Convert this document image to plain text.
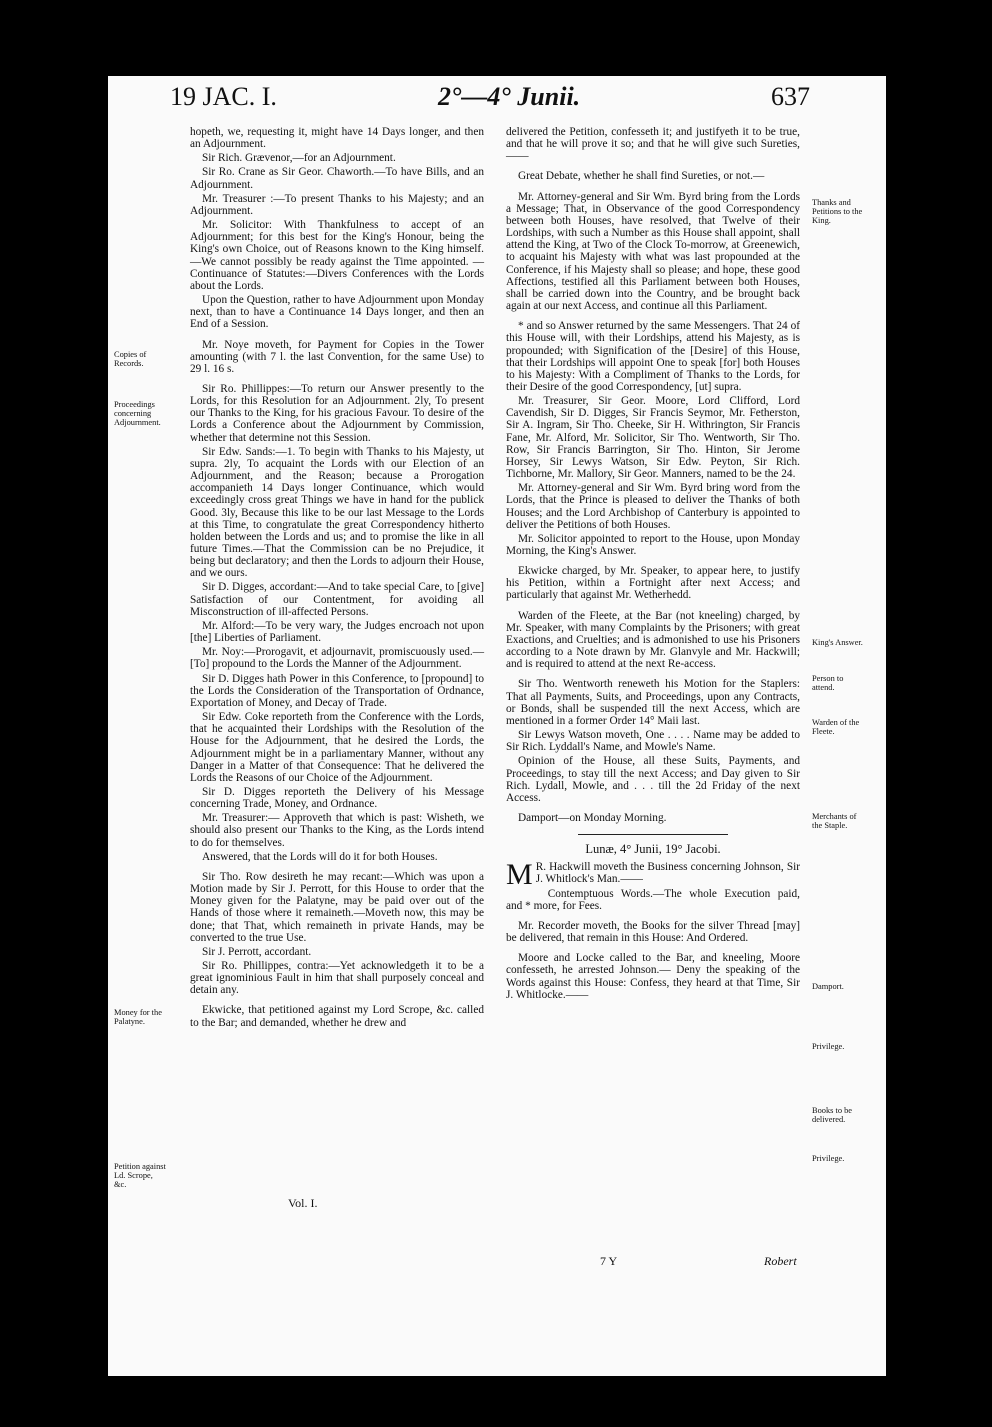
19 JAC. I.	2°—4° Junii.	637

hopeth, we, requesting it, might have 14 Days longer, and then an Adjournment.

Sir Rich. Grævenor,—for an Adjournment.

Sir Ro. Crane as Sir Geor. Chaworth.—To have Bills, and an Adjournment.

Mr. Treasurer :—To present Thanks to his Majesty; and an Adjournment.

Mr. Solicitor: With Thankfulness to accept of an Adjournment; for this best for the King's Honour, being the King's own Choice, out of Reasons known to the King himself.—We cannot possibly be ready against the Time appointed. — Continuance of Statutes:—Divers Conferences with the Lords about the Lords.

Upon the Question, rather to have Adjournment upon Monday next, than to have a Continuance 14 Days longer, and then an End of a Session.

Mr. Noye moveth, for Payment for Copies in the Tower amounting (with 7 l. the last Convention, for the same Use) to 29 l. 16 s.

Sir Ro. Phillippes:—To return our Answer presently to the Lords, for this Resolution for an Adjournment. 2ly, To present our Thanks to the King, for his gracious Favour. To desire of the Lords a Conference about the Adjournment by Commission, whether that determine not this Session.

Sir Edw. Sands:—1. To begin with Thanks to his Majesty, ut supra. 2ly, To acquaint the Lords with our Election of an Adjournment, and the Reason; because a Prorogation accompanieth 14 Days longer Continuance, which would exceedingly cross great Things we have in hand for the publick Good. 3ly, Because this like to be our last Message to the Lords at this Time, to congratulate the great Correspondency hitherto holden between the Lords and us; and to promise the like in all future Times.—That the Commission can be no Prejudice, it being but declaratory; and then the Lords to adjourn their House, and we ours.

Sir D. Digges, accordant:—And to take special Care, to [give] Satisfaction of our Contentment, for avoiding all Misconstruction of ill-affected Persons.

Mr. Alford:—To be very wary, the Judges encroach not upon [the] Liberties of Parliament.

Mr. Noy:—Prorogavit, et adjournavit, promiscuously used.—[To] propound to the Lords the Manner of the Adjournment.

Sir D. Digges hath Power in this Conference, to [propound] to the Lords the Consideration of the Transportation of Ordnance, Exportation of Money, and Decay of Trade.

Sir Edw. Coke reporteth from the Conference with the Lords, that he acquainted their Lordships with the Resolution of the House for the Adjournment, that he desired the Lords, the Adjournment might be in a parliamentary Manner, without any Danger in a Matter of that Consequence: That he delivered the Lords the Reasons of our Choice of the Adjournment.

Sir D. Digges reporteth the Delivery of his Message concerning Trade, Money, and Ordnance.

Mr. Treasurer:— Approveth that which is past: Wisheth, we should also present our Thanks to the King, as the Lords intend to do for themselves.

Answered, that the Lords will do it for both Houses.

Sir Tho. Row desireth he may recant:—Which was upon a Motion made by Sir J. Perrott, for this House to order that the Money given for the Palatyne, may be paid over out of the Hands of those where it remaineth.—Moveth now, this may be done; that That, which remaineth in private Hands, may be converted to the true Use.

Sir J. Perrott, accordant.

Sir Ro. Phillippes, contra:—Yet acknowledgeth it to be a great ignominious Fault in him that shall purposely conceal and detain any.

Ekwicke, that petitioned against my Lord Scrope, &c. called to the Bar; and demanded, whether he drew and

Copies of Records.
Proceedings concerning Adjournment.
Money for the Palatyne.
Petition against Ld. Scrope, &c.
Vol. I.

delivered the Petition, confesseth it; and justifyeth it to be true, and that he will prove it so; and that he will give such Sureties,——

Great Debate, whether he shall find Sureties, or not.—

Mr. Attorney-general and Sir Wm. Byrd bring from the Lords a Message; That, in Observance of the good Correspondency between both Houses, have resolved, that Twelve of their Lordships, with such a Number as this House shall appoint, shall attend the King, at Two of the Clock To-morrow, at Greenewich, to acquaint his Majesty with what was last propounded at the Conference, if his Majesty shall so please; and hope, these good Affections, testified all this Parliament between both Houses, shall be carried down into the Country, and be brought back again at our next Access, and continue all this Parliament.

* and so Answer returned by the same Messengers. That 24 of this House will, with their Lordships, attend his Majesty, as is propounded; with Signification of the [Desire] of this House, that their Lordships will appoint One to speak [for] both Houses to his Majesty: With a Compliment of Thanks to the Lords, for their Desire of the good Correspondency, [ut] supra.

Mr. Treasurer, Sir Geor. Moore, Lord Clifford, Lord Cavendish, Sir D. Digges, Sir Francis Seymor, Mr. Fetherston, Sir A. Ingram, Sir Tho. Cheeke, Sir H. Withrington, Sir Francis Fane, Mr. Alford, Mr. Solicitor, Sir Tho. Wentworth, Sir Tho. Row, Sir Francis Barrington, Sir Tho. Hinton, Sir Jerome Horsey, Sir Lewys Watson, Sir Edw. Peyton, Sir Rich. Tichborne, Mr. Mallory, Sir Geor. Manners, named to be the 24.

Mr. Attorney-general and Sir Wm. Byrd bring word from the Lords, that the Prince is pleased to deliver the Thanks of both Houses; and the Lord Archbishop of Canterbury is appointed to deliver the Petitions of both Houses.

Mr. Solicitor appointed to report to the House, upon Monday Morning, the King's Answer.

Ekwicke charged, by Mr. Speaker, to appear here, to justify his Petition, within a Fortnight after next Access; and particularly that against Mr. Wetherhedd.

Warden of the Fleete, at the Bar (not kneeling) charged, by Mr. Speaker, with many Complaints by the Prisoners; with great Exactions, and Cruelties; and is admonished to use his Prisoners according to a Note drawn by Mr. Glanvyle and Mr. Hackwill; and is required to attend at the next Re-access.

Sir Tho. Wentworth reneweth his Motion for the Staplers: That all Payments, Suits, and Proceedings, upon any Contracts, or Bonds, shall be suspended till the next Access, which are mentioned in a former Order 14° Maii last.

Sir Lewys Watson moveth, One . . . . Name may be added to Sir Rich. Lyddall's Name, and Mowle's Name.

Opinion of the House, all these Suits, Payments, and Proceedings, to stay till the next Access; and Day given to Sir Rich. Lydall, Mowle, and . . . till the 2d Friday of the next Access.

Damport—on Monday Morning.

Lunæ, 4° Junii, 19° Jacobi.

M R. Hackwill moveth the Business concerning Johnson, Sir J. Whitlock's Man.——

Contemptuous Words.—The whole Execution paid, and * more, for Fees.

Mr. Recorder moveth, the Books for the silver Thread [may] be delivered, that remain in this House: And Ordered.

Moore and Locke called to the Bar, and kneeling, Moore confesseth, he arrested Johnson.— Deny the speaking of the Words against this House: Confess, they heard at that Time, Sir J. Whitlocke.——

Thanks and Petitions to the King.
King's Answer.
Person to attend.
Warden of the Fleete.
Merchants of the Staple.
Damport.
Privilege.
Books to be delivered.
Privilege.
7 Y	Robert
